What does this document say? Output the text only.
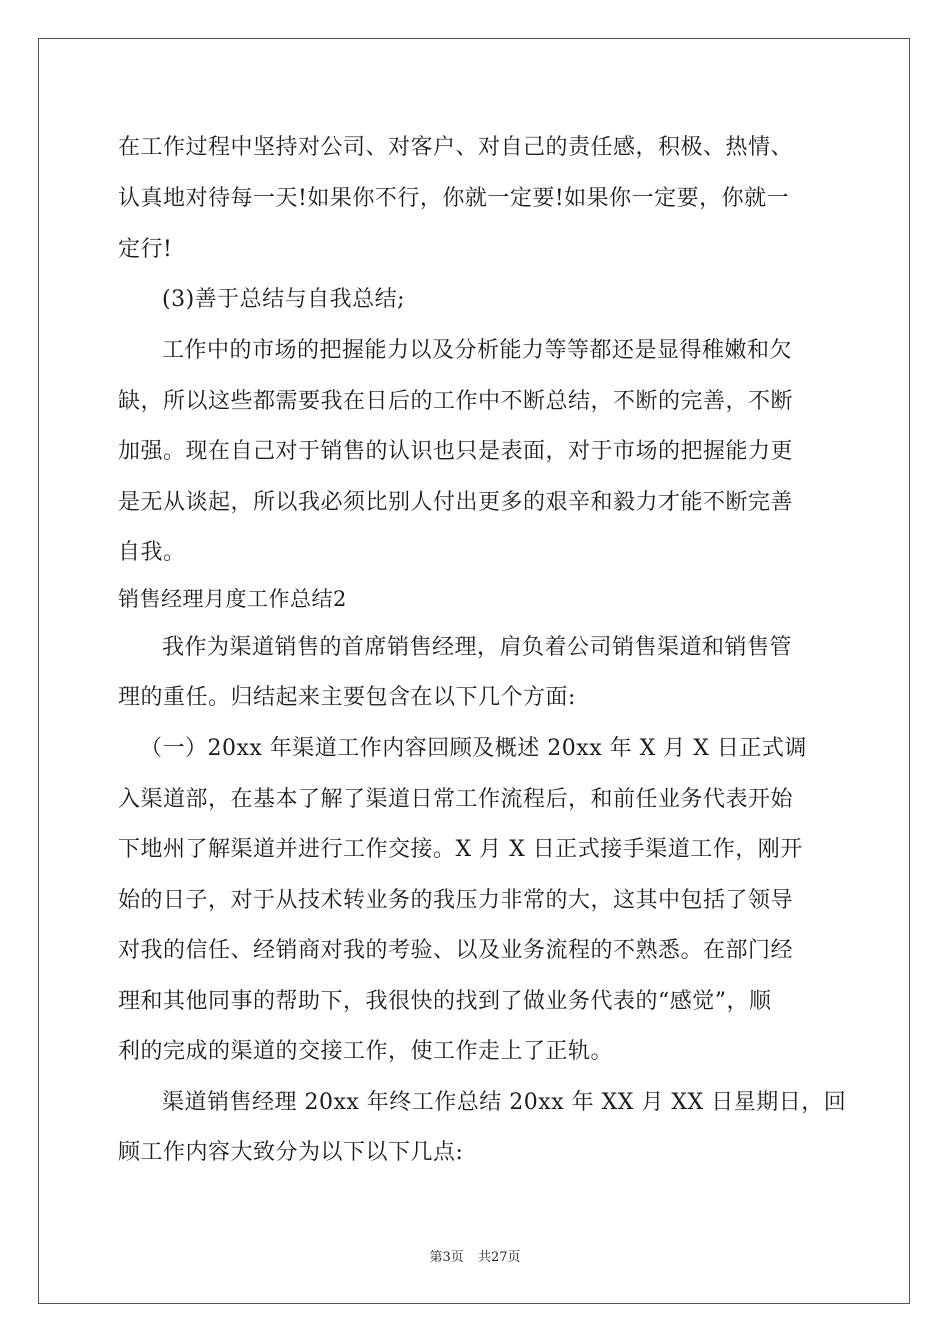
在工作过程中坚持对公司、对客户、对自己的责任感，积极、热情、
认真地对待每一天!如果你不行，你就一定要!如果你一定要，你就一
定行!
(3)善于总结与自我总结;
工作中的市场的把握能力以及分析能力等等都还是显得稚嫩和欠
缺，所以这些都需要我在日后的工作中不断总结，不断的完善，不断
加强。现在自己对于销售的认识也只是表面，对于市场的把握能力更
是无从谈起，所以我必须比别人付出更多的艰辛和毅力才能不断完善
自我。
销售经理月度工作总结2
我作为渠道销售的首席销售经理，肩负着公司销售渠道和销售管
理的重任。归结起来主要包含在以下几个方面:
（一）20xx 年渠道工作内容回顾及概述 20xx 年 X 月 X 日正式调
入渠道部，在基本了解了渠道日常工作流程后，和前任业务代表开始
下地州了解渠道并进行工作交接。X 月 X 日正式接手渠道工作，刚开
始的日子，对于从技术转业务的我压力非常的大，这其中包括了领导
对我的信任、经销商对我的考验、以及业务流程的不熟悉。在部门经
理和其他同事的帮助下，我很快的找到了做业务代表的“感觉”，顺
利的完成的渠道的交接工作，使工作走上了正轨。
渠道销售经理 20xx 年终工作总结 20xx 年 XX 月 XX 日星期日，回
顾工作内容大致分为以下以下几点:
第3页 共27页
